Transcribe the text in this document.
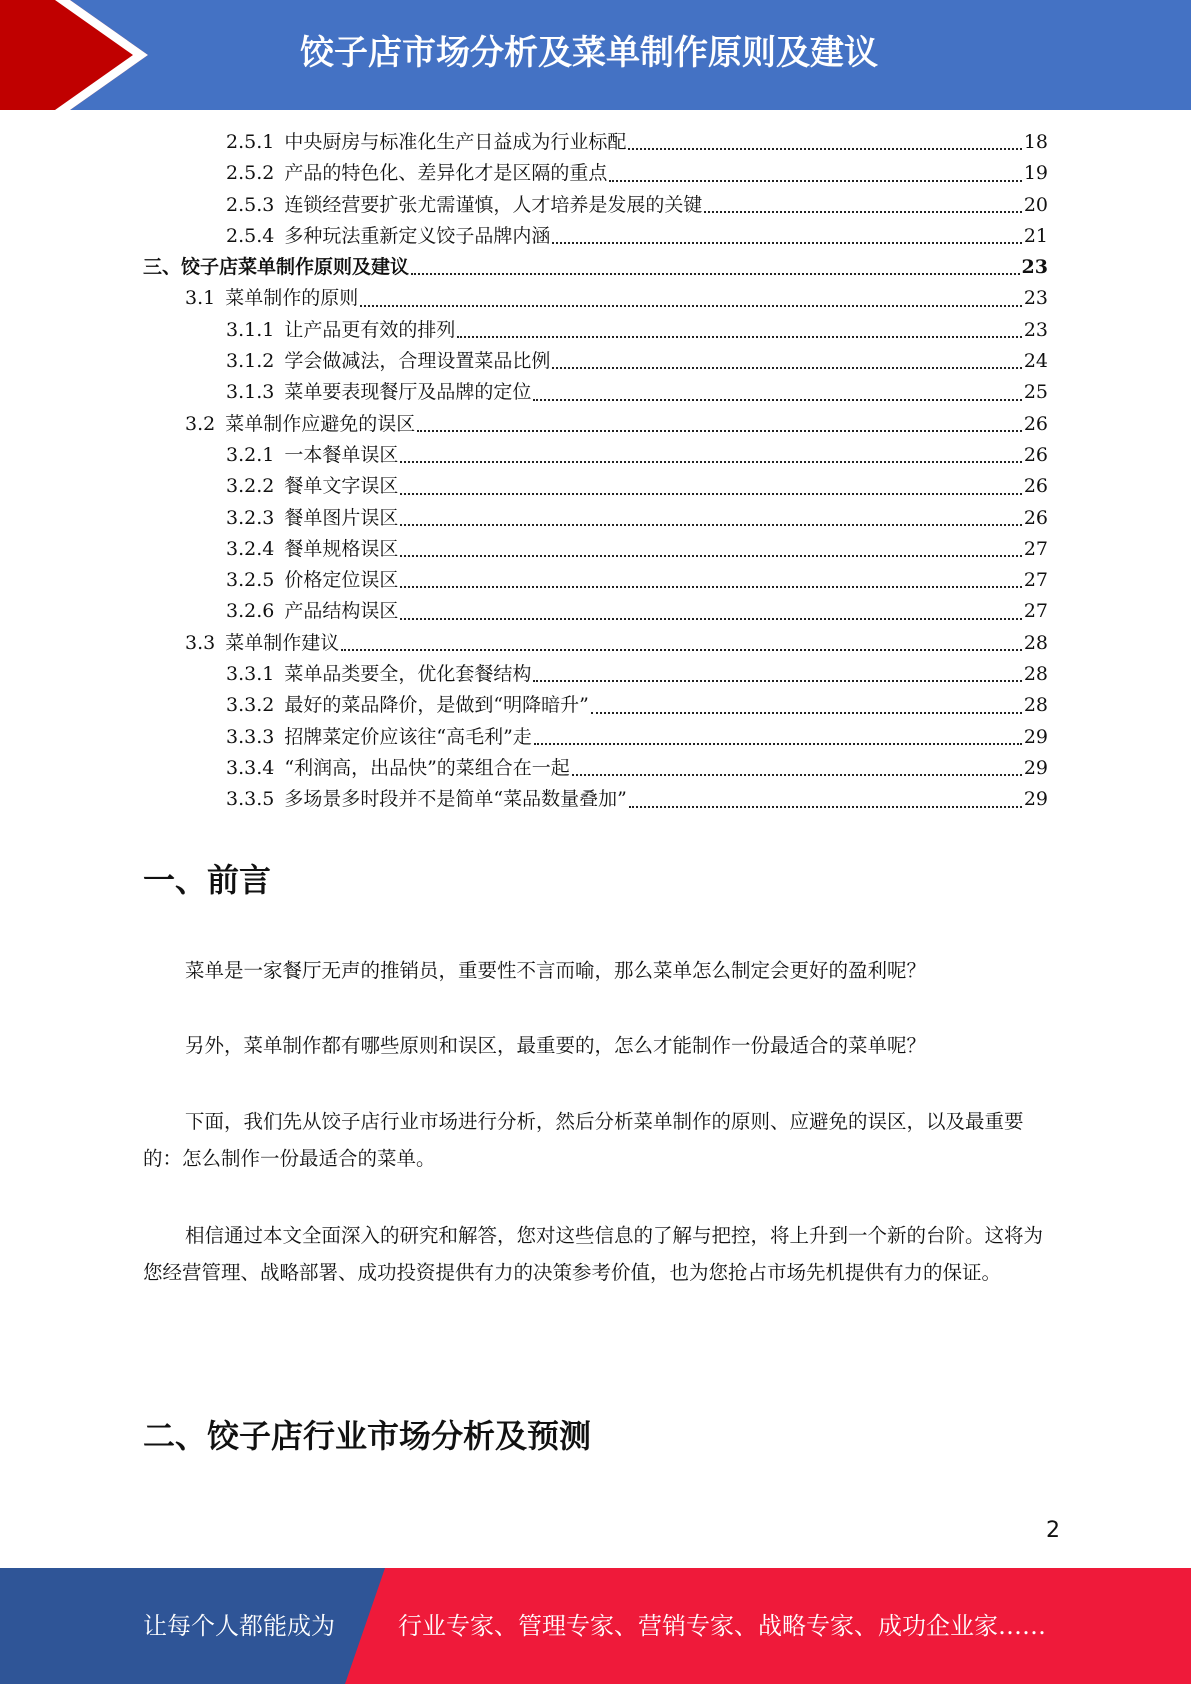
饺子店市场分析及菜单制作原则及建议
2.5.1 中央厨房与标准化生产日益成为行业标配	18
2.5.2 产品的特色化、差异化才是区隔的重点	19
2.5.3 连锁经营要扩张尤需谨慎，人才培养是发展的关键	20
2.5.4 多种玩法重新定义饺子品牌内涵	21
三、 饺子店菜单制作原则及建议	23
3.1 菜单制作的原则	23
3.1.1 让产品更有效的排列	23
3.1.2 学会做减法，合理设置菜品比例	24
3.1.3 菜单要表现餐厅及品牌的定位	25
3.2 菜单制作应避免的误区	26
3.2.1 一本餐单误区	26
3.2.2 餐单文字误区	26
3.2.3 餐单图片误区	26
3.2.4 餐单规格误区	27
3.2.5 价格定位误区	27
3.2.6 产品结构误区	27
3.3 菜单制作建议	28
3.3.1 菜单品类要全，优化套餐结构	28
3.3.2 最好的菜品降价，是做到“明降暗升”	28
3.3.3 招牌菜定价应该往“高毛利”走	29
3.3.4 “利润高，出品快”的菜组合在一起	29
3.3.5 多场景多时段并不是简单“菜品数量叠加”	29
一、前言
菜单是一家餐厅无声的推销员，重要性不言而喻，那么菜单怎么制定会更好的盈利呢？
另外，菜单制作都有哪些原则和误区，最重要的，怎么才能制作一份最适合的菜单呢？
下面，我们先从饺子店行业市场进行分析，然后分析菜单制作的原则、应避免的误区，以及最重要的：怎么制作一份最适合的菜单。
相信通过本文全面深入的研究和解答，您对这些信息的了解与把控，将上升到一个新的台阶。这将为您经营管理、战略部署、成功投资提供有力的决策参考价值，也为您抢占市场先机提供有力的保证。
二、饺子店行业市场分析及预测
2
让每个人都能成为	行业专家、管理专家、营销专家、战略专家、成功企业家……
